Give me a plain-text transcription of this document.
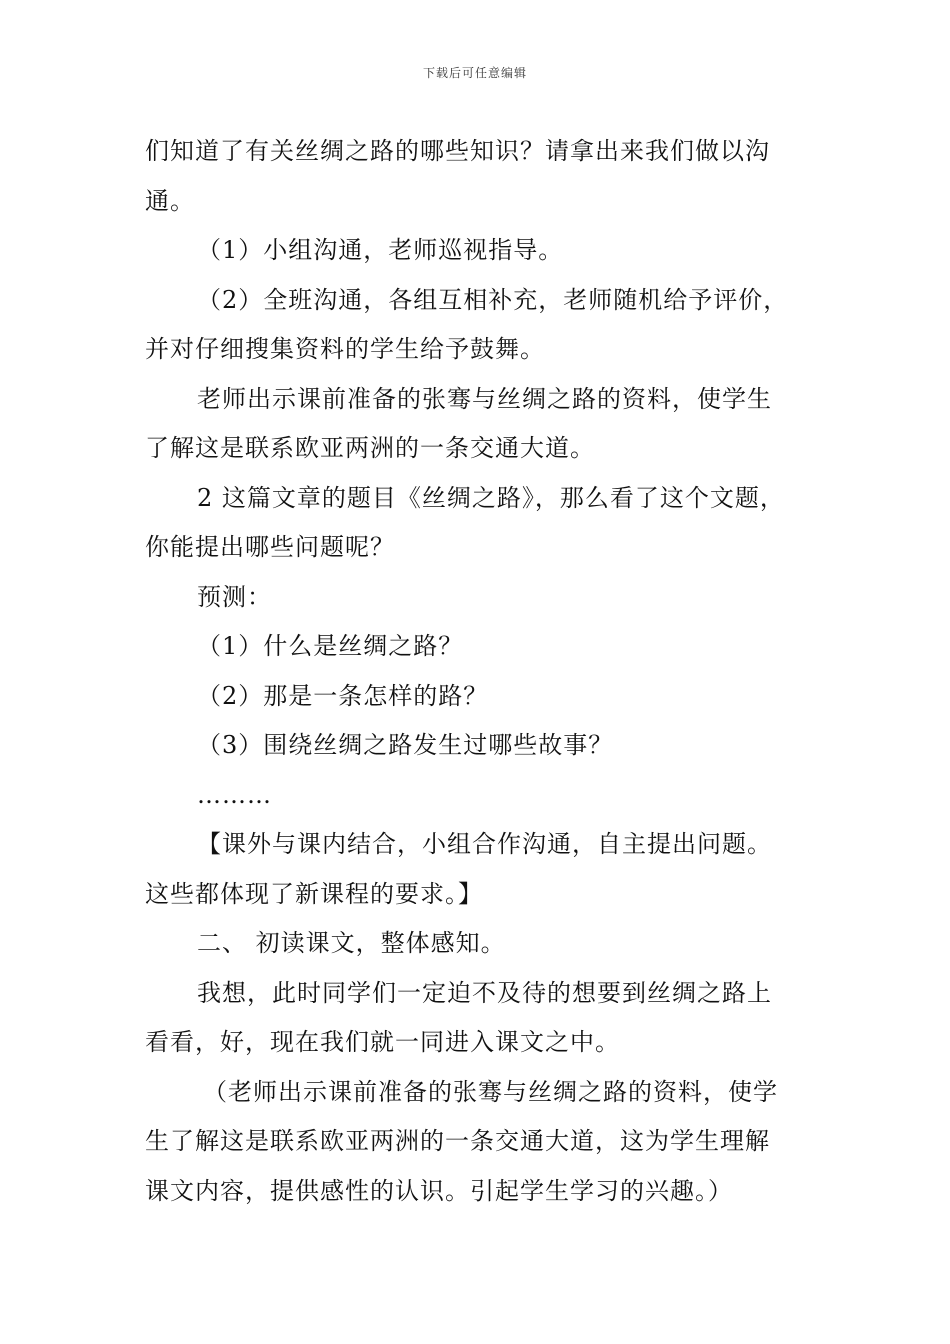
下载后可任意编辑
们知道了有关丝绸之路的哪些知识？请拿出来我们做以沟
通。
（1）小组沟通，老师巡视指导。
（2）全班沟通，各组互相补充，老师随机给予评价，
并对仔细搜集资料的学生给予鼓舞。
老师出示课前准备的张骞与丝绸之路的资料，使学生
了解这是联系欧亚两洲的一条交通大道。
2 这篇文章的题目《丝绸之路》，那么看了这个文题，
你能提出哪些问题呢？
预测：
（1）什么是丝绸之路？
（2）那是一条怎样的路？
（3）围绕丝绸之路发生过哪些故事？
………
【课外与课内结合，小组合作沟通，自主提出问题。
这些都体现了新课程的要求。】
二、 初读课文，整体感知。
我想，此时同学们一定迫不及待的想要到丝绸之路上
看看，好，现在我们就一同进入课文之中。
（老师出示课前准备的张骞与丝绸之路的资料，使学
生了解这是联系欧亚两洲的一条交通大道，这为学生理解
课文内容，提供感性的认识。引起学生学习的兴趣。）
